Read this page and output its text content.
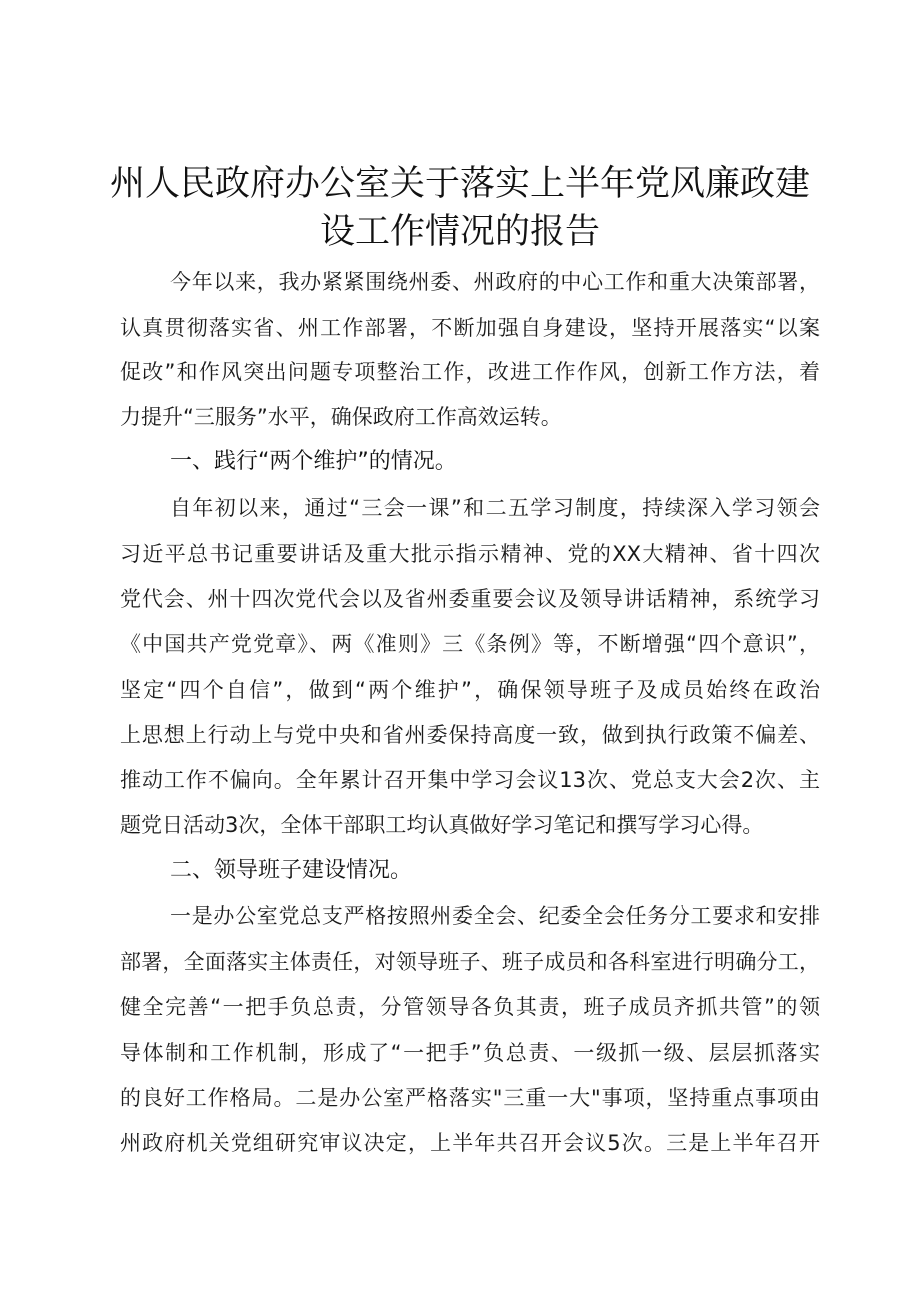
州人民政府办公室关于落实上半年党风廉政建
设工作情况的报告
今年以来，我办紧紧围绕州委、州政府的中心工作和重大决策部署，
认真贯彻落实省、州工作部署，不断加强自身建设，坚持开展落实“以案
促改”和作风突出问题专项整治工作，改进工作作风，创新工作方法，着
力提升“三服务”水平，确保政府工作高效运转。
一、践行“两个维护”的情况。
自年初以来，通过“三会一课”和二五学习制度，持续深入学习领会
习近平总书记重要讲话及重大批示指示精神、党的XX大精神、省十四次
党代会、州十四次党代会以及省州委重要会议及领导讲话精神，系统学习
《中国共产党党章》、两《准则》三《条例》等，不断增强“四个意识”，
坚定“四个自信”，做到“两个维护”，确保领导班子及成员始终在政治
上思想上行动上与党中央和省州委保持高度一致，做到执行政策不偏差、
推动工作不偏向。全年累计召开集中学习会议13次、党总支大会2次、主
题党日活动3次，全体干部职工均认真做好学习笔记和撰写学习心得。
二、领导班子建设情况。
一是办公室党总支严格按照州委全会、纪委全会任务分工要求和安排
部署，全面落实主体责任，对领导班子、班子成员和各科室进行明确分工，
健全完善“一把手负总责，分管领导各负其责，班子成员齐抓共管”的领
导体制和工作机制，形成了“一把手”负总责、一级抓一级、层层抓落实
的良好工作格局。二是办公室严格落实"三重一大"事项，坚持重点事项由
州政府机关党组研究审议决定，上半年共召开会议5次。三是上半年召开
